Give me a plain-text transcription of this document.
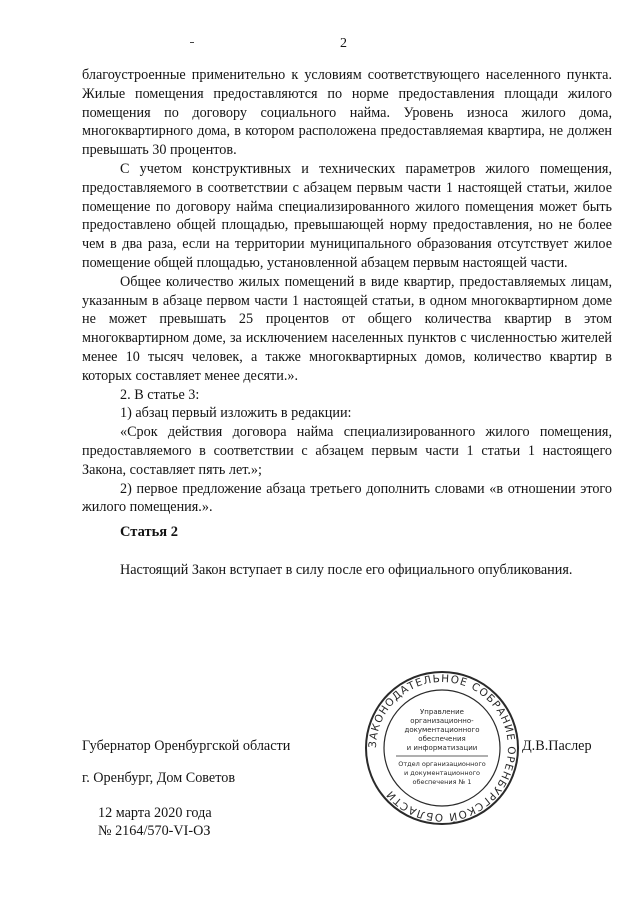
2

благоустроенные применительно к условиям соответствующего населенного пункта. Жилые помещения предоставляются по норме предоставления площади жилого помещения по договору социального найма. Уровень износа жилого дома, многоквартирного дома, в котором расположена предоставляемая квартира, не должен превышать 30 процентов.

С учетом конструктивных и технических параметров жилого помещения, предоставляемого в соответствии с абзацем первым части 1 настоящей статьи, жилое помещение по договору найма специализированного жилого помещения может быть предоставлено общей площадью, превышающей норму предоставления, но не более чем в два раза, если на территории муниципального образования отсутствует жилое помещение общей площадью, установленной абзацем первым настоящей части.

Общее количество жилых помещений в виде квартир, предоставляемых лицам, указанным в абзаце первом части 1 настоящей статьи, в одном многоквартирном доме не может превышать 25 процентов от общего количества квартир в этом многоквартирном доме, за исключением населенных пунктов с численностью жителей менее 10 тысяч человек, а также многоквартирных домов, количество квартир в которых составляет менее десяти.».

2. В статье 3:

1) абзац первый изложить в редакции:

«Срок действия договора найма специализированного жилого помещения, предоставляемого в соответствии с абзацем первым части 1 статьи 1 настоящего Закона, составляет пять лет.»;

2) первое предложение абзаца третьего дополнить словами «в отношении этого жилого помещения.».

Статья 2
Настоящий Закон вступает в силу после его официального опубликования.
Губернатор Оренбургской области	Д.В.Паслер
г. Оренбург, Дом Советов
12 марта 2020 года
№ 2164/570-VI-ОЗ
ЗАКОНОДАТЕЛЬНОЕ СОБРАНИЕ ОРЕНБУРГСКОЙ ОБЛАСТИ
Управление
организационно-
документационного
обеспечения
и информатизации
Отдел организационного
и документационного
обеспечения № 1
